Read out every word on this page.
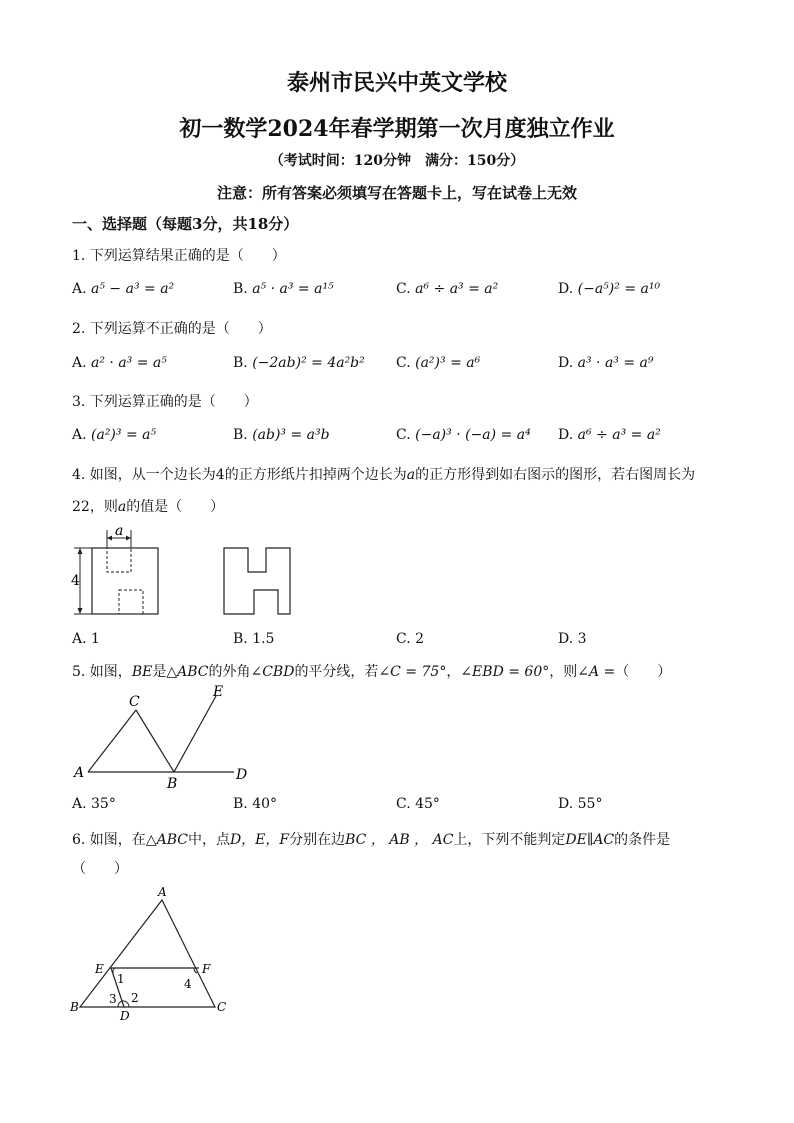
泰州市民兴中英文学校
初一数学2024年春学期第一次月度独立作业
（考试时间：120分钟　满分：150分）
注意：所有答案必须填写在答题卡上，写在试卷上无效
一、选择题（每题3分，共18分）
1. 下列运算结果正确的是（　　）
A. a⁵ − a³ = a²	B. a⁵ · a³ = a¹⁵	C. a⁶ ÷ a³ = a²	D. (−a⁵)² = a¹⁰
2. 下列运算不正确的是（　　）
A. a² · a³ = a⁵	B. (−2ab)² = 4a²b² C. (a²)³ = a⁶	D. a³ · a³ = a⁹
3. 下列运算正确的是（　　）
A. (a²)³ = a⁵	B. (ab)³ = a³b	C. (−a)³ · (−a) = a⁴ D. a⁶ ÷ a³ = a²
4. 如图，从一个边长为4的正方形纸片扣掉两个边长为a的正方形得到如右图示的图形，若右图周长为
22，则a的值是（　　）
a
4
A. 1	B. 1.5	C. 2	D. 3
5. 如图，BE是△ABC的外角∠CBD的平分线，若∠C = 75°，∠EBD = 60°，则∠A =（　　）
A
B
C
D
E
A. 35°	B. 40°	C. 45°	D. 55°
6. 如图，在△ABC中，点D，E，F分别在边BC ， AB ， AC上，下列不能判定DE∥AC的条件是
（　　）
A
B	C
D
E	F
1
2
3
4
